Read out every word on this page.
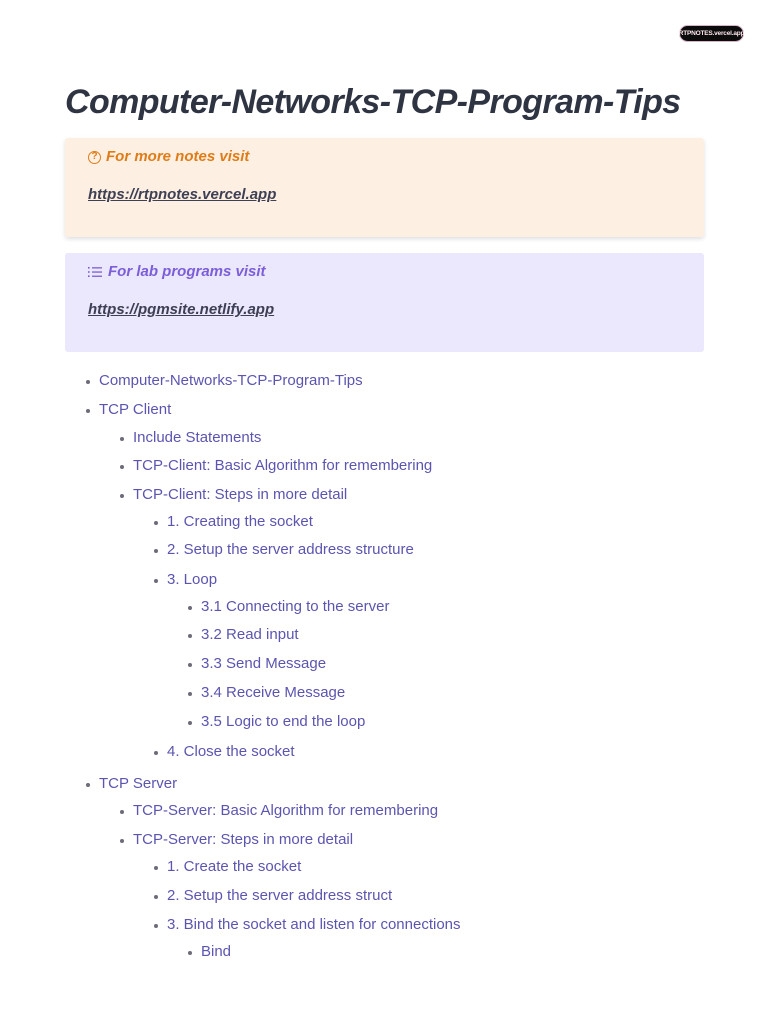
RTPNOTES.vercel.app
Computer-Networks-TCP-Program-Tips
? For more notes visit
https://rtpnotes.vercel.app
For lab programs visit
https://pgmsite.netlify.app
Computer-Networks-TCP-Program-Tips
TCP Client
Include Statements
TCP-Client: Basic Algorithm for remembering
TCP-Client: Steps in more detail
1. Creating the socket
2. Setup the server address structure
3. Loop
3.1 Connecting to the server
3.2 Read input
3.3 Send Message
3.4 Receive Message
3.5 Logic to end the loop
4. Close the socket
TCP Server
TCP-Server: Basic Algorithm for remembering
TCP-Server: Steps in more detail
1. Create the socket
2. Setup the server address struct
3. Bind the socket and listen for connections
Bind
